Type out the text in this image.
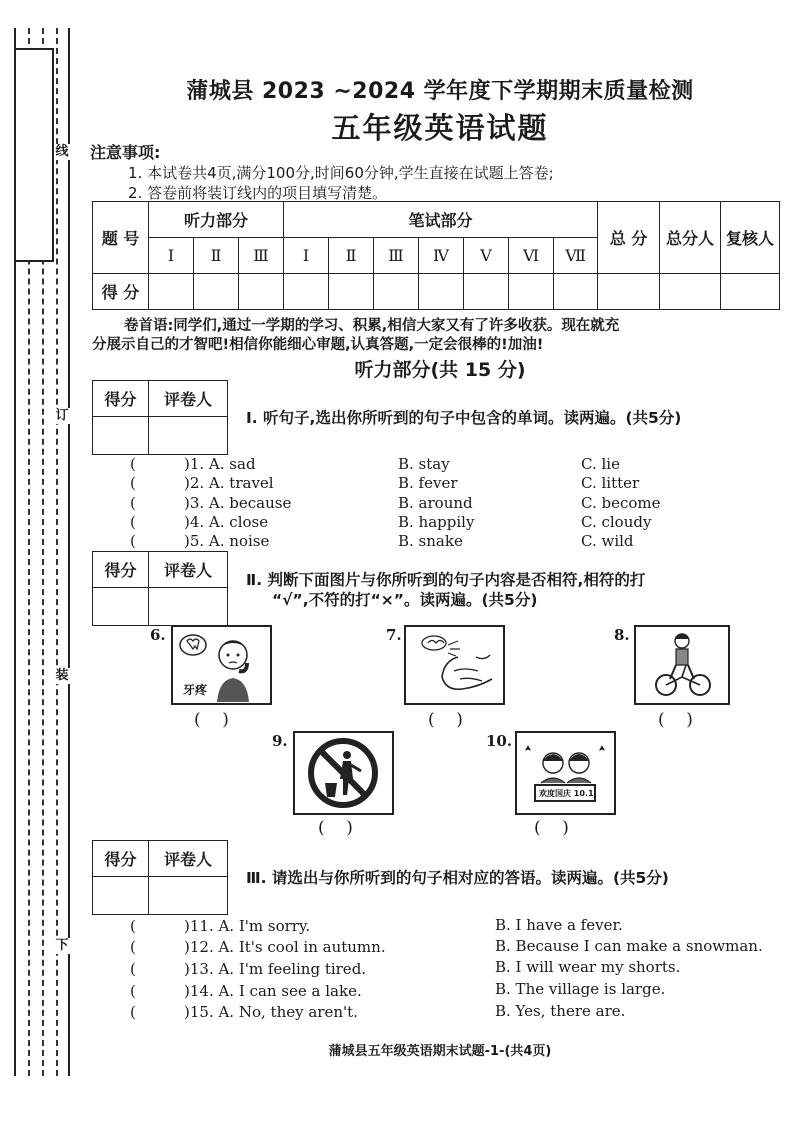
线
订
装
下
蒲城县 2023 ~2024 学年度下学期期末质量检测
五年级英语试题
注意事项:
1. 本试卷共4页,满分100分,时间60分钟,学生直接在试题上答卷;
2. 答卷前将装订线内的项目填写清楚。
题 号	听力部分			笔试部分							总 分	总分人	复核人
	Ⅰ	Ⅱ	Ⅲ	Ⅰ	Ⅱ	Ⅲ	Ⅳ	Ⅴ	Ⅵ	Ⅶ			
得 分													
卷首语:同学们,通过一学期的学习、积累,相信大家又有了许多收获。现在就充
分展示自己的才智吧!相信你能细心审题,认真答题,一定会很棒的!加油!
听力部分(共 15 分)
得分	评卷人

Ⅰ. 听句子,选出你所听到的句子中包含的单词。读两遍。(共5分)
(	)1. A. sad	B. stay	C. lie
(	)2. A. travel	B. fever	C. litter
(	)3. A. because	B. around	C. become
(	)4. A. close	B. happily	C. cloudy
(	)5. A. noise	B. snake	C. wild
得分	评卷人
	Ⅱ. 判断下面图片与你所听到的句子内容是否相符,相符的打
“√”,不符的打“×”。读两遍。(共5分)
6.
牙疼
(    )
7.
(    )
8.
(    )
9.
(    )
10.
欢度国庆 10.1
(    )
得分	评卷人

Ⅲ. 请选出与你所听到的句子相对应的答语。读两遍。(共5分)
(	)11. A. I'm sorry.	B. I have a fever.
(	)12. A. It's cool in autumn.	B. Because I can make a snowman.
(	)13. A. I'm feeling tired.	B. I will wear my shorts.
(	)14. A. I can see a lake.	B. The village is large.
(	)15. A. No, they aren't.	B. Yes, there are.
蒲城县五年级英语期末试题-1-(共4页)
